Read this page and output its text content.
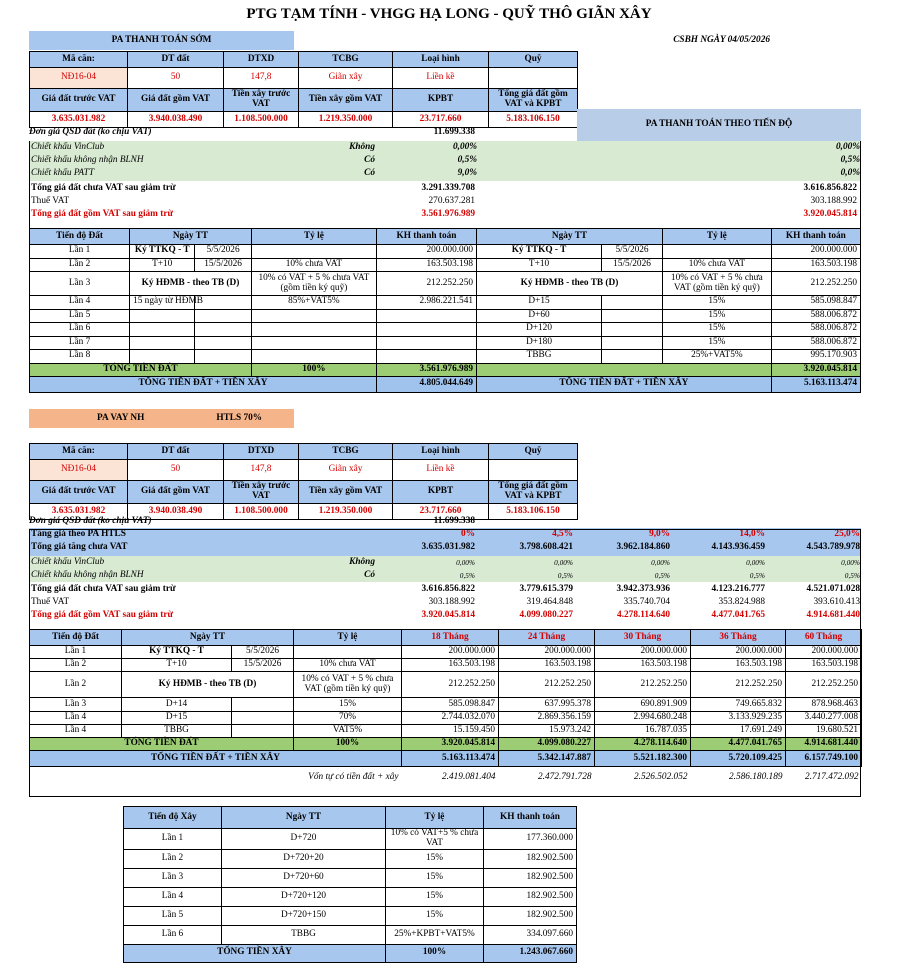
PTG TẠM TÍNH - VHGG HẠ LONG - QUỸ THÔ GIÃN XÂY
PA THANH TOÁN SỚM	CSBH NGÀY 04/05/2026
Mã căn:	DT đất	DTXD	TCBG	Loại hình	Quỹ
NĐ16-04	50	147,8	Giãn xây	Liền kề	
Giá đất trước VAT	Giá đất gồm VAT	Tiền xây trước VAT	Tiền xây gồm VAT	KPBT	Tổng giá đất gồm VAT và KPBT
3.635.031.982	3.940.038.490	1.108.500.000	1.219.350.000	23.717.660	5.183.106.150
PA THANH TOÁN THEO TIẾN ĐỘ
PA VAY NH	HTLS 70%
Mã căn:	DT đất	DTXD	TCBG	Loại hình	Quỹ
NĐ16-04	50	147,8	Giãn xây	Liền kề	
Giá đất trước VAT	Giá đất gồm VAT	Tiền xây trước VAT	Tiền xây gồm VAT	KPBT	Tổng giá đất gồm VAT và KPBT
3.635.031.982	3.940.038.490	1.108.500.000	1.219.350.000	23.717.660	5.183.106.150
Tiến độ Xây	Ngày TT	Tỷ lệ	KH thanh toán
Lần 1	D+720	10% có VAT+5 % chưa VAT	177.360.000
Lần 2	D+720+20	15%	182.902.500
Lần 3	D+720+60	15%	182.902.500
Lần 4	D+720+120	15%	182.902.500
Lần 5	D+720+150	15%	182.902.500
Lần 6	TBBG	25%+KPBT+VAT5%	334.097.660
TỔNG TIỀN XÂY		100%	1.243.067.660
Đơn giá QSD đất (ko chịu VAT)	11.699.338
Chiết khấu VinClub	Không	0,00%	0,00%
Chiết khấu không nhận BLNH	Có	0,5%	0,5%
Chiết khấu PATT	Có	9,0%	0,0%
Tổng giá đất chưa VAT sau giảm trừ	3.291.339.708	3.616.856.822
Thuế VAT	270.637.281	303.188.992
Tổng giá đất gồm VAT sau giảm trừ	3.561.976.989	3.920.045.814
Tiến độ Đất	Ngày TT		Tỷ lệ	KH thanh toán	Ngày TT		Tỷ lệ	KH thanh toán
Lần 1	Ký TTKQ - T	5/5/2026		200.000.000	Ký TTKQ - T	5/5/2026		200.000.000
Lần 2	T+10	15/5/2026	10% chưa VAT	163.503.198	T+10	15/5/2026	10% chưa VAT	163.503.198
Lần 3	Ký HĐMB - theo TB (D)		10% có VAT + 5 % chưa VAT (gồm tiền ký quỹ)	212.252.250	Ký HĐMB - theo TB (D)		10% có VAT + 5 % chưa VAT (gồm tiền ký quỹ)	212.252.250
Lần 4	15 ngày từ HĐMB		85%+VAT5%	2.986.221.541	D+15		15%	585.098.847
Lần 5					D+60		15%	588.006.872
Lần 6					D+120		15%	588.006.872
Lần 7					D+180		15%	588.006.872
Lần 8					TBBG		25%+VAT5%	995.170.903
TỔNG TIỀN ĐẤT			100%	3.561.976.989				3.920.045.814
TỔNG TIỀN ĐẤT + TIỀN XÂY				4.805.044.649	TỔNG TIỀN ĐẤT + TIỀN XÂY			5.163.113.474
Đơn giá QSD đất (ko chịu VAT)	11.699.338
Tăng giá theo PA HTLS	0%	4,5%	9,0%	14,0%	25,0%
Tổng giá tăng chưa VAT	3.635.031.982	3.798.608.421	3.962.184.860	4.143.936.459	4.543.789.978
Chiết khấu VinClub	Không	0,00%	0,00%	0,00%	0,00%	0,00%
Chiết khấu không nhận BLNH	Có	0,5%	0,5%	0,5%	0,5%	0,5%
Tổng giá đất chưa VAT sau giảm trừ	3.616.856.822	3.779.615.379	3.942.373.936	4.123.216.777	4.521.071.028
Thuế VAT	303.188.992	319.464.848	335.740.704	353.824.988	393.610.413
Tổng giá đất gồm VAT sau giảm trừ	3.920.045.814	4.099.080.227	4.278.114.640	4.477.041.765	4.914.681.440
Tiến độ Đất	Ngày TT		Tỷ lệ	18 Tháng	24 Tháng	30 Tháng	36 Tháng	60 Tháng
Lần 1	Ký TTKQ - T	5/5/2026		200.000.000	200.000.000	200.000.000	200.000.000	200.000.000
Lần 2	T+10	15/5/2026	10% chưa VAT	163.503.198	163.503.198	163.503.198	163.503.198	163.503.198
Lần 2	Ký HĐMB - theo TB (D)		10% có VAT + 5 % chưa VAT (gồm tiền ký quỹ)	212.252.250	212.252.250	212.252.250	212.252.250	212.252.250
Lần 3	D+14		15%	585.098.847	637.995.378	690.891.909	749.665.832	878.968.463
Lần 4	D+15		70%	2.744.032.070	2.869.356.159	2.994.680.248	3.133.929.235	3.440.277.008
Lần 4	TBBG		VAT5%	15.159.450	15.973.242	16.787.035	17.691.249	19.680.521
TỔNG TIỀN ĐẤT			100%	3.920.045.814	4.099.080.227	4.278.114.640	4.477.041.765	4.914.681.440
TỔNG TIỀN ĐẤT + TIỀN XÂY				5.163.113.474	5.342.147.887	5.521.182.300	5.720.109.425	6.157.749.100
Vốn tự có tiền đất + xây				2.419.081.404	2.472.791.728	2.526.502.052	2.586.180.189	2.717.472.092
